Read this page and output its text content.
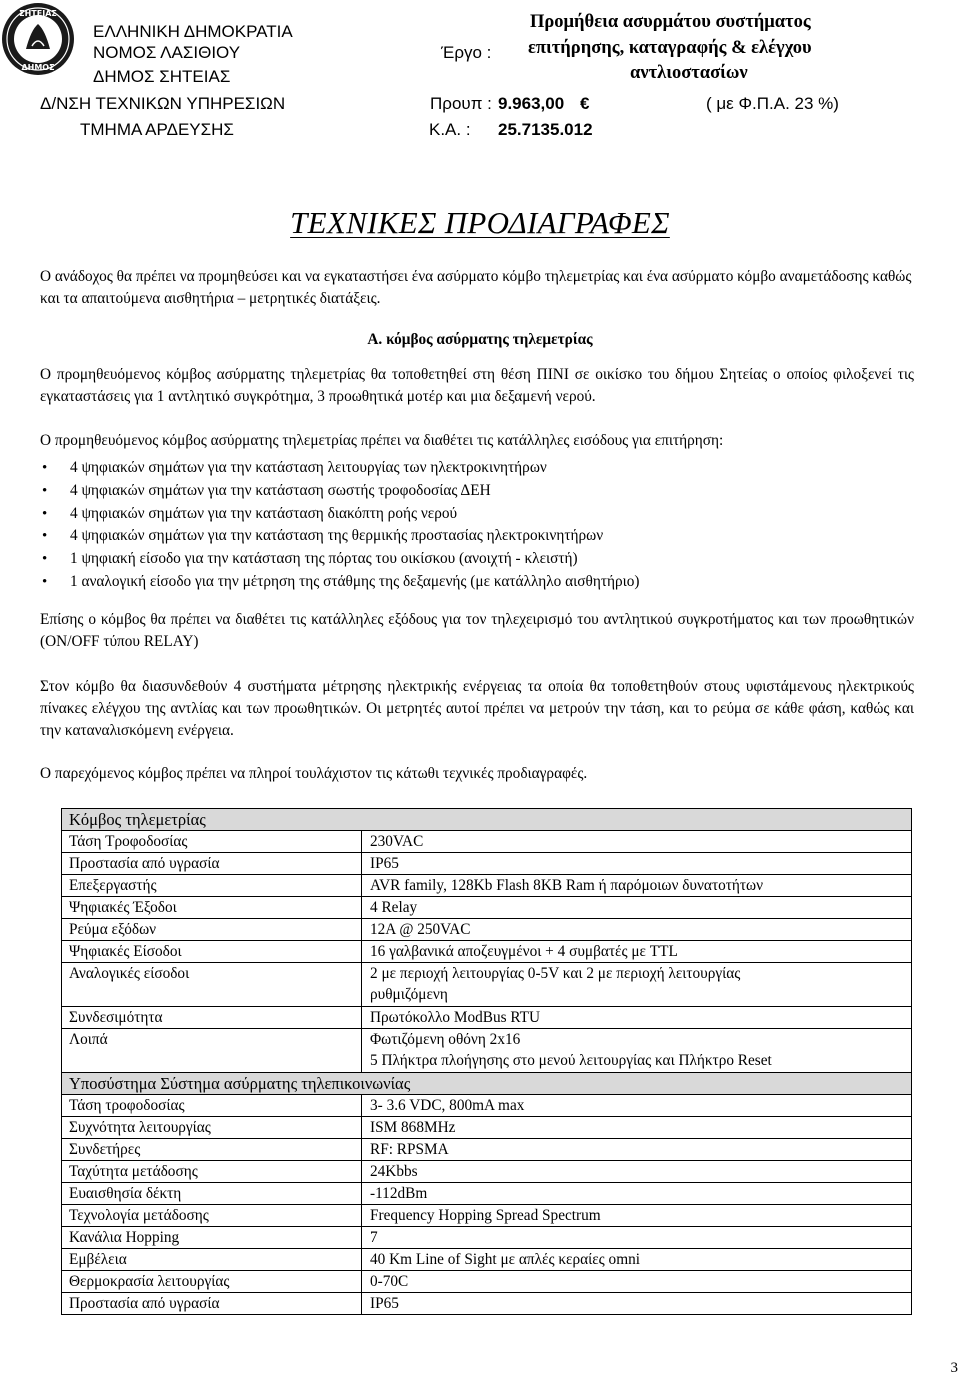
ΣΗΤΕΙΑΣ
ΔΗΜΟΣ
ΕΛΛΗΝΙΚΗ ΔΗΜΟΚΡΑΤΙΑ
ΝΟΜΟΣ ΛΑΣΙΘΙΟΥ
ΔΗΜΟΣ ΣΗΤΕΙΑΣ
Δ/ΝΣΗ ΤΕΧΝΙΚΩΝ ΥΠΗΡΕΣΙΩΝ
ΤΜΗΜΑ ΑΡΔΕΥΣΗΣ
Έργο :
Προμήθεια ασυρμάτου συστήματος
επιτήρησης, καταγραφής & ελέγχου
αντλιοστασίων
Προυπ : 9.963,00 €	( με Φ.Π.Α. 23 %)
Κ.Α. : 25.7135.012
ΤΕΧΝΙΚΕΣ ΠΡΟΔΙΑΓΡΑΦΕΣ
Ο ανάδοχος θα πρέπει να προμηθεύσει και να εγκαταστήσει ένα ασύρματο κόμβο τηλεμετρίας και ένα ασύρματο κόμβο αναμετάδοσης καθώς και τα απαιτούμενα αισθητήρια – μετρητικές διατάξεις.
Α. κόμβος ασύρματης τηλεμετρίας
Ο προμηθευόμενος κόμβος ασύρματης τηλεμετρίας θα τοποθετηθεί στη θέση ΠΙΝΙ σε οικίσκο του δήμου Σητείας ο οποίος φιλοξενεί τις εγκαταστάσεις για 1 αντλητικό συγκρότημα, 3 προωθητικά μοτέρ και μια δεξαμενή νερού.
Ο προμηθευόμενος κόμβος ασύρματης τηλεμετρίας πρέπει να διαθέτει τις κατάλληλες εισόδους για επιτήρηση:
• 4 ψηφιακών σημάτων για την κατάσταση λειτουργίας των ηλεκτροκινητήρων
• 4 ψηφιακών σημάτων για την κατάσταση σωστής τροφοδοσίας ΔΕΗ
• 4 ψηφιακών σημάτων για την κατάσταση διακόπτη ροής νερού
• 4 ψηφιακών σημάτων για την κατάσταση της θερμικής προστασίας ηλεκτροκινητήρων
• 1 ψηφιακή είσοδο για την κατάσταση της πόρτας του οικίσκου (ανοιχτή - κλειστή)
• 1 αναλογική είσοδο για την μέτρηση της στάθμης της δεξαμενής (με κατάλληλο αισθητήριο)
Επίσης ο κόμβος θα πρέπει να διαθέτει τις κατάλληλες εξόδους για τον τηλεχειρισμό του αντλητικού συγκροτήματος και των προωθητικών (ON/OFF τύπου RELAY)
Στον κόμβο θα διασυνδεθούν 4 συστήματα μέτρησης ηλεκτρικής ενέργειας τα οποία θα τοποθετηθούν στους υφιστάμενους ηλεκτρικούς πίνακες ελέγχου της αντλίας και των προωθητικών. Οι μετρητές αυτοί πρέπει να μετρούν την τάση, και το ρεύμα σε κάθε φάση, καθώς και την καταναλισκόμενη ενέργεια.
Ο παρεχόμενος κόμβος πρέπει να πληροί τουλάχιστον τις κάτωθι τεχνικές προδιαγραφές.
Κόμβος τηλεμετρίας	
Τάση Τροφοδοσίας	230VAC
Προστασία από υγρασία	IP65
Επεξεργαστής	AVR family, 128Kb Flash 8KB Ram ή παρόμοιων δυνατοτήτων
Ψηφιακές Έξοδοι	4 Relay
Ρεύμα εξόδων	12A @ 250VAC
Ψηφιακές Είσοδοι	16 γαλβανικά αποζευγμένοι + 4 συμβατές με TTL
Αναλογικές είσοδοι	2 με περιοχή λειτουργίας 0-5V και 2 με περιοχή λειτουργίας
ρυθμιζόμενη

Συνδεσιμότητα	Πρωτόκολλο ModBus RTU
Λοιπά	Φωτιζόμενη οθόνη 2x16
5 Πλήκτρα πλοήγησης στο μενού λειτουργίας και Πλήκτρο Reset

Υποσύστημα Σύστημα ασύρματης τηλεπικοινωνίας	
Τάση τροφοδοσίας	3- 3.6 VDC, 800mA max
Συχνότητα λειτουργίας	ISM 868MHz
Συνδετήρες	RF: RPSMA
Ταχύτητα μετάδοσης	24Kbbs
Ευαισθησία δέκτη	-112dBm
Τεχνολογία μετάδοσης	Frequency Hopping Spread Spectrum
Κανάλια Hopping	7
Εμβέλεια	40 Km Line of Sight με απλές κεραίες omni
Θερμοκρασία λειτουργίας	0-70C
Προστασία από υγρασία	IP65
3
